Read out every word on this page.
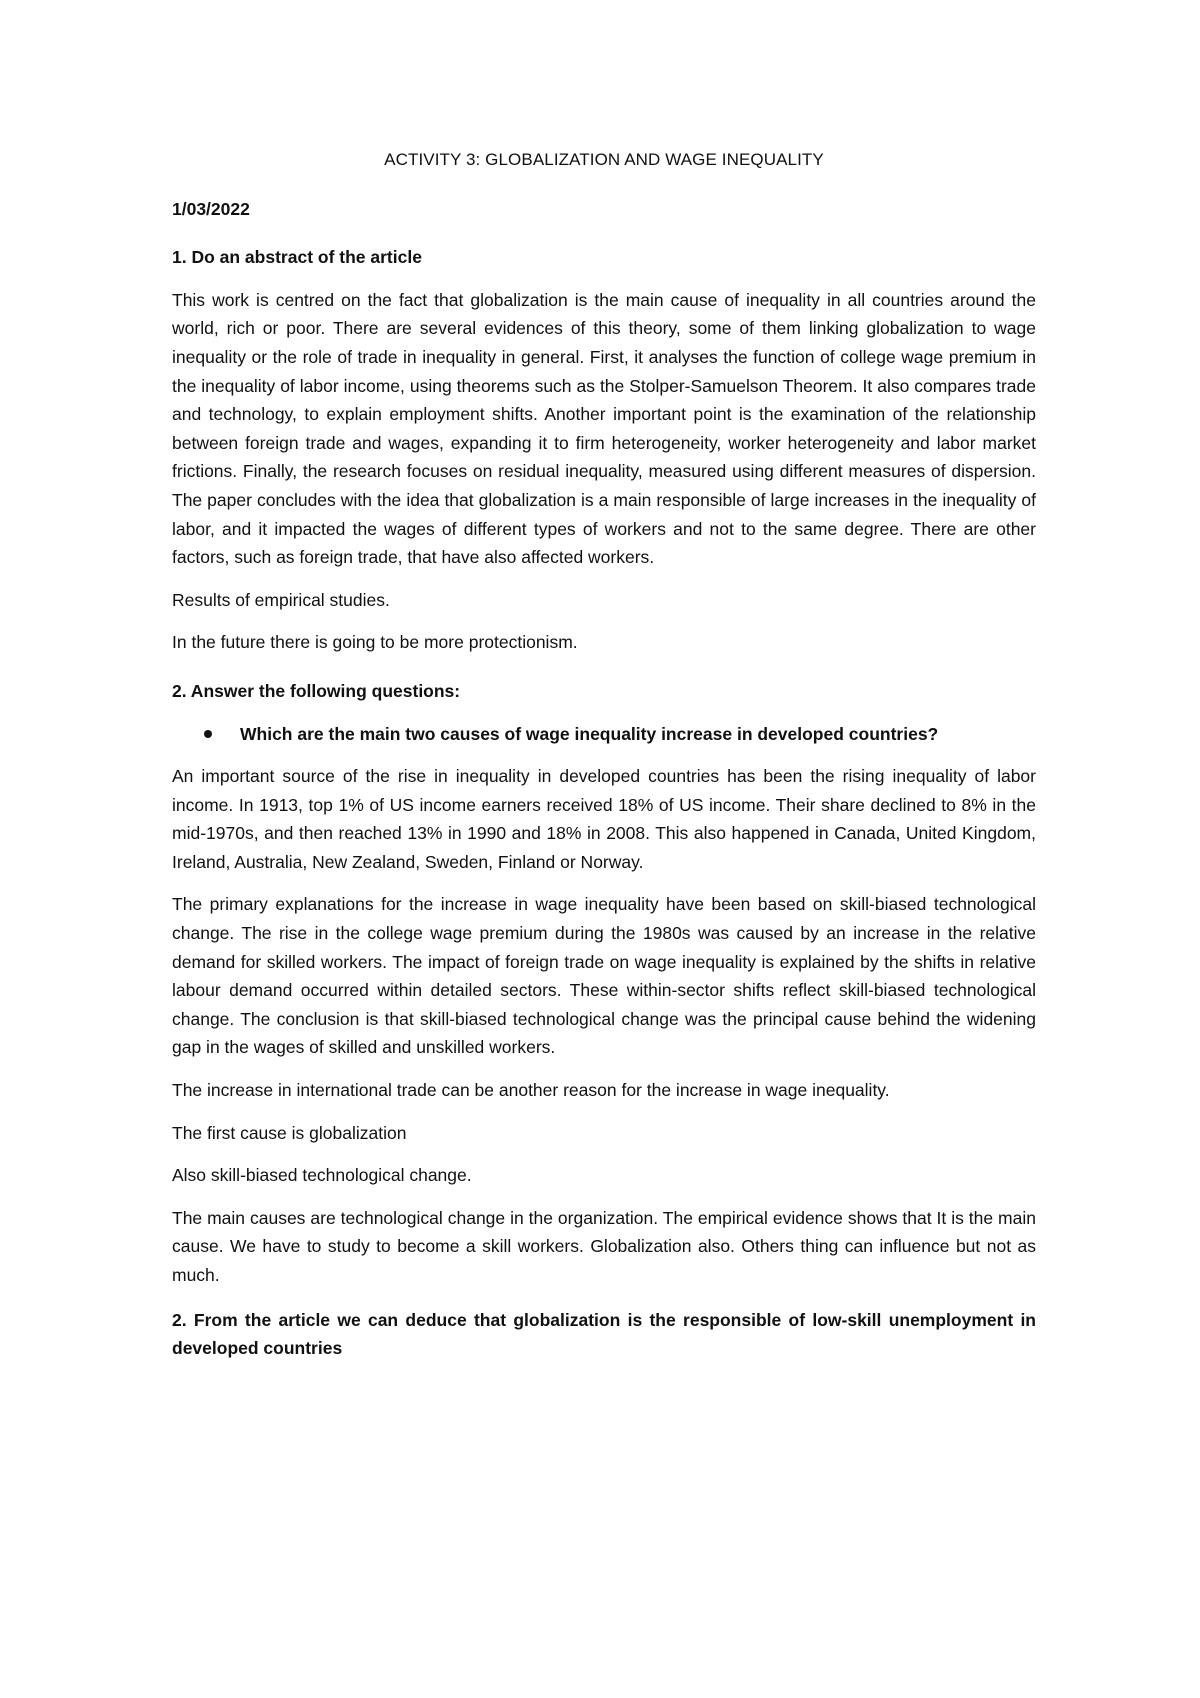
ACTIVITY 3: GLOBALIZATION AND WAGE INEQUALITY
1/03/2022
1. Do an abstract of the article

This work is centred on the fact that globalization is the main cause of inequality in all countries around the world, rich or poor. There are several evidences of this theory, some of them linking globalization to wage inequality or the role of trade in inequality in general. First, it analyses the function of college wage premium in the inequality of labor income, using theorems such as the Stolper-Samuelson Theorem. It also compares trade and technology, to explain employment shifts. Another important point is the examination of the relationship between foreign trade and wages, expanding it to firm heterogeneity, worker heterogeneity and labor market frictions. Finally, the research focuses on residual inequality, measured using different measures of dispersion. The paper concludes with the idea that globalization is a main responsible of large increases in the inequality of labor, and it impacted the wages of different types of workers and not to the same degree. There are other factors, such as foreign trade, that have also affected workers.

Results of empirical studies.

In the future there is going to be more protectionism.

2. Answer the following questions:
Which are the main two causes of wage inequality increase in developed countries?

An important source of the rise in inequality in developed countries has been the rising inequality of labor income. In 1913, top 1% of US income earners received 18% of US income. Their share declined to 8% in the mid-1970s, and then reached 13% in 1990 and 18% in 2008. This also happened in Canada, United Kingdom, Ireland, Australia, New Zealand, Sweden, Finland or Norway.

The primary explanations for the increase in wage inequality have been based on skill-biased technological change. The rise in the college wage premium during the 1980s was caused by an increase in the relative demand for skilled workers. The impact of foreign trade on wage inequality is explained by the shifts in relative labour demand occurred within detailed sectors. These within-sector shifts reflect skill-biased technological change. The conclusion is that skill-biased technological change was the principal cause behind the widening gap in the wages of skilled and unskilled workers.

The increase in international trade can be another reason for the increase in wage inequality.

The first cause is globalization

Also skill-biased technological change.

The main causes are technological change in the organization. The empirical evidence shows that It is the main cause. We have to study to become a skill workers. Globalization also. Others thing can influence but not as much.

2. From the article we can deduce that globalization is the responsible of low-skill unemployment in developed countries
